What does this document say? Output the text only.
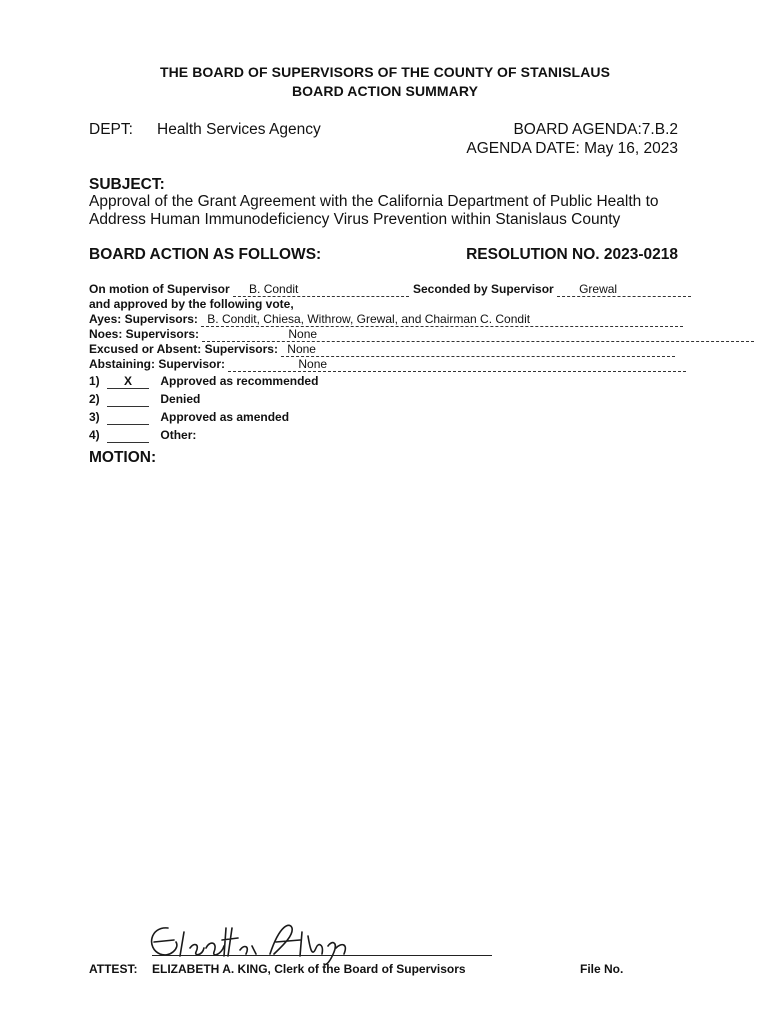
THE BOARD OF SUPERVISORS OF THE COUNTY OF STANISLAUS
BOARD ACTION SUMMARY
DEPT: Health Services Agency	BOARD AGENDA:7.B.2
AGENDA DATE: May 16, 2023
SUBJECT:
Approval of the Grant Agreement with the California Department of Public Health to
Address Human Immunodeficiency Virus Prevention within Stanislaus County
BOARD ACTION AS FOLLOWS:	RESOLUTION NO. 2023-0218
On motion of Supervisor B. Condit	Seconded by Supervisor Grewal
and approved by the following vote,
Ayes: Supervisors: B. Condit, Chiesa, Withrow, Grewal, and Chairman C. Condit
Noes: Supervisors:	None
Excused or Absent: Supervisors: None
Abstaining: Supervisor:	None
1) X Approved as recommended
2)	Denied
3)	Approved as amended
4)	Other:
MOTION:
ATTEST: ELIZABETH A. KING, Clerk of the Board of Supervisors	File No.
